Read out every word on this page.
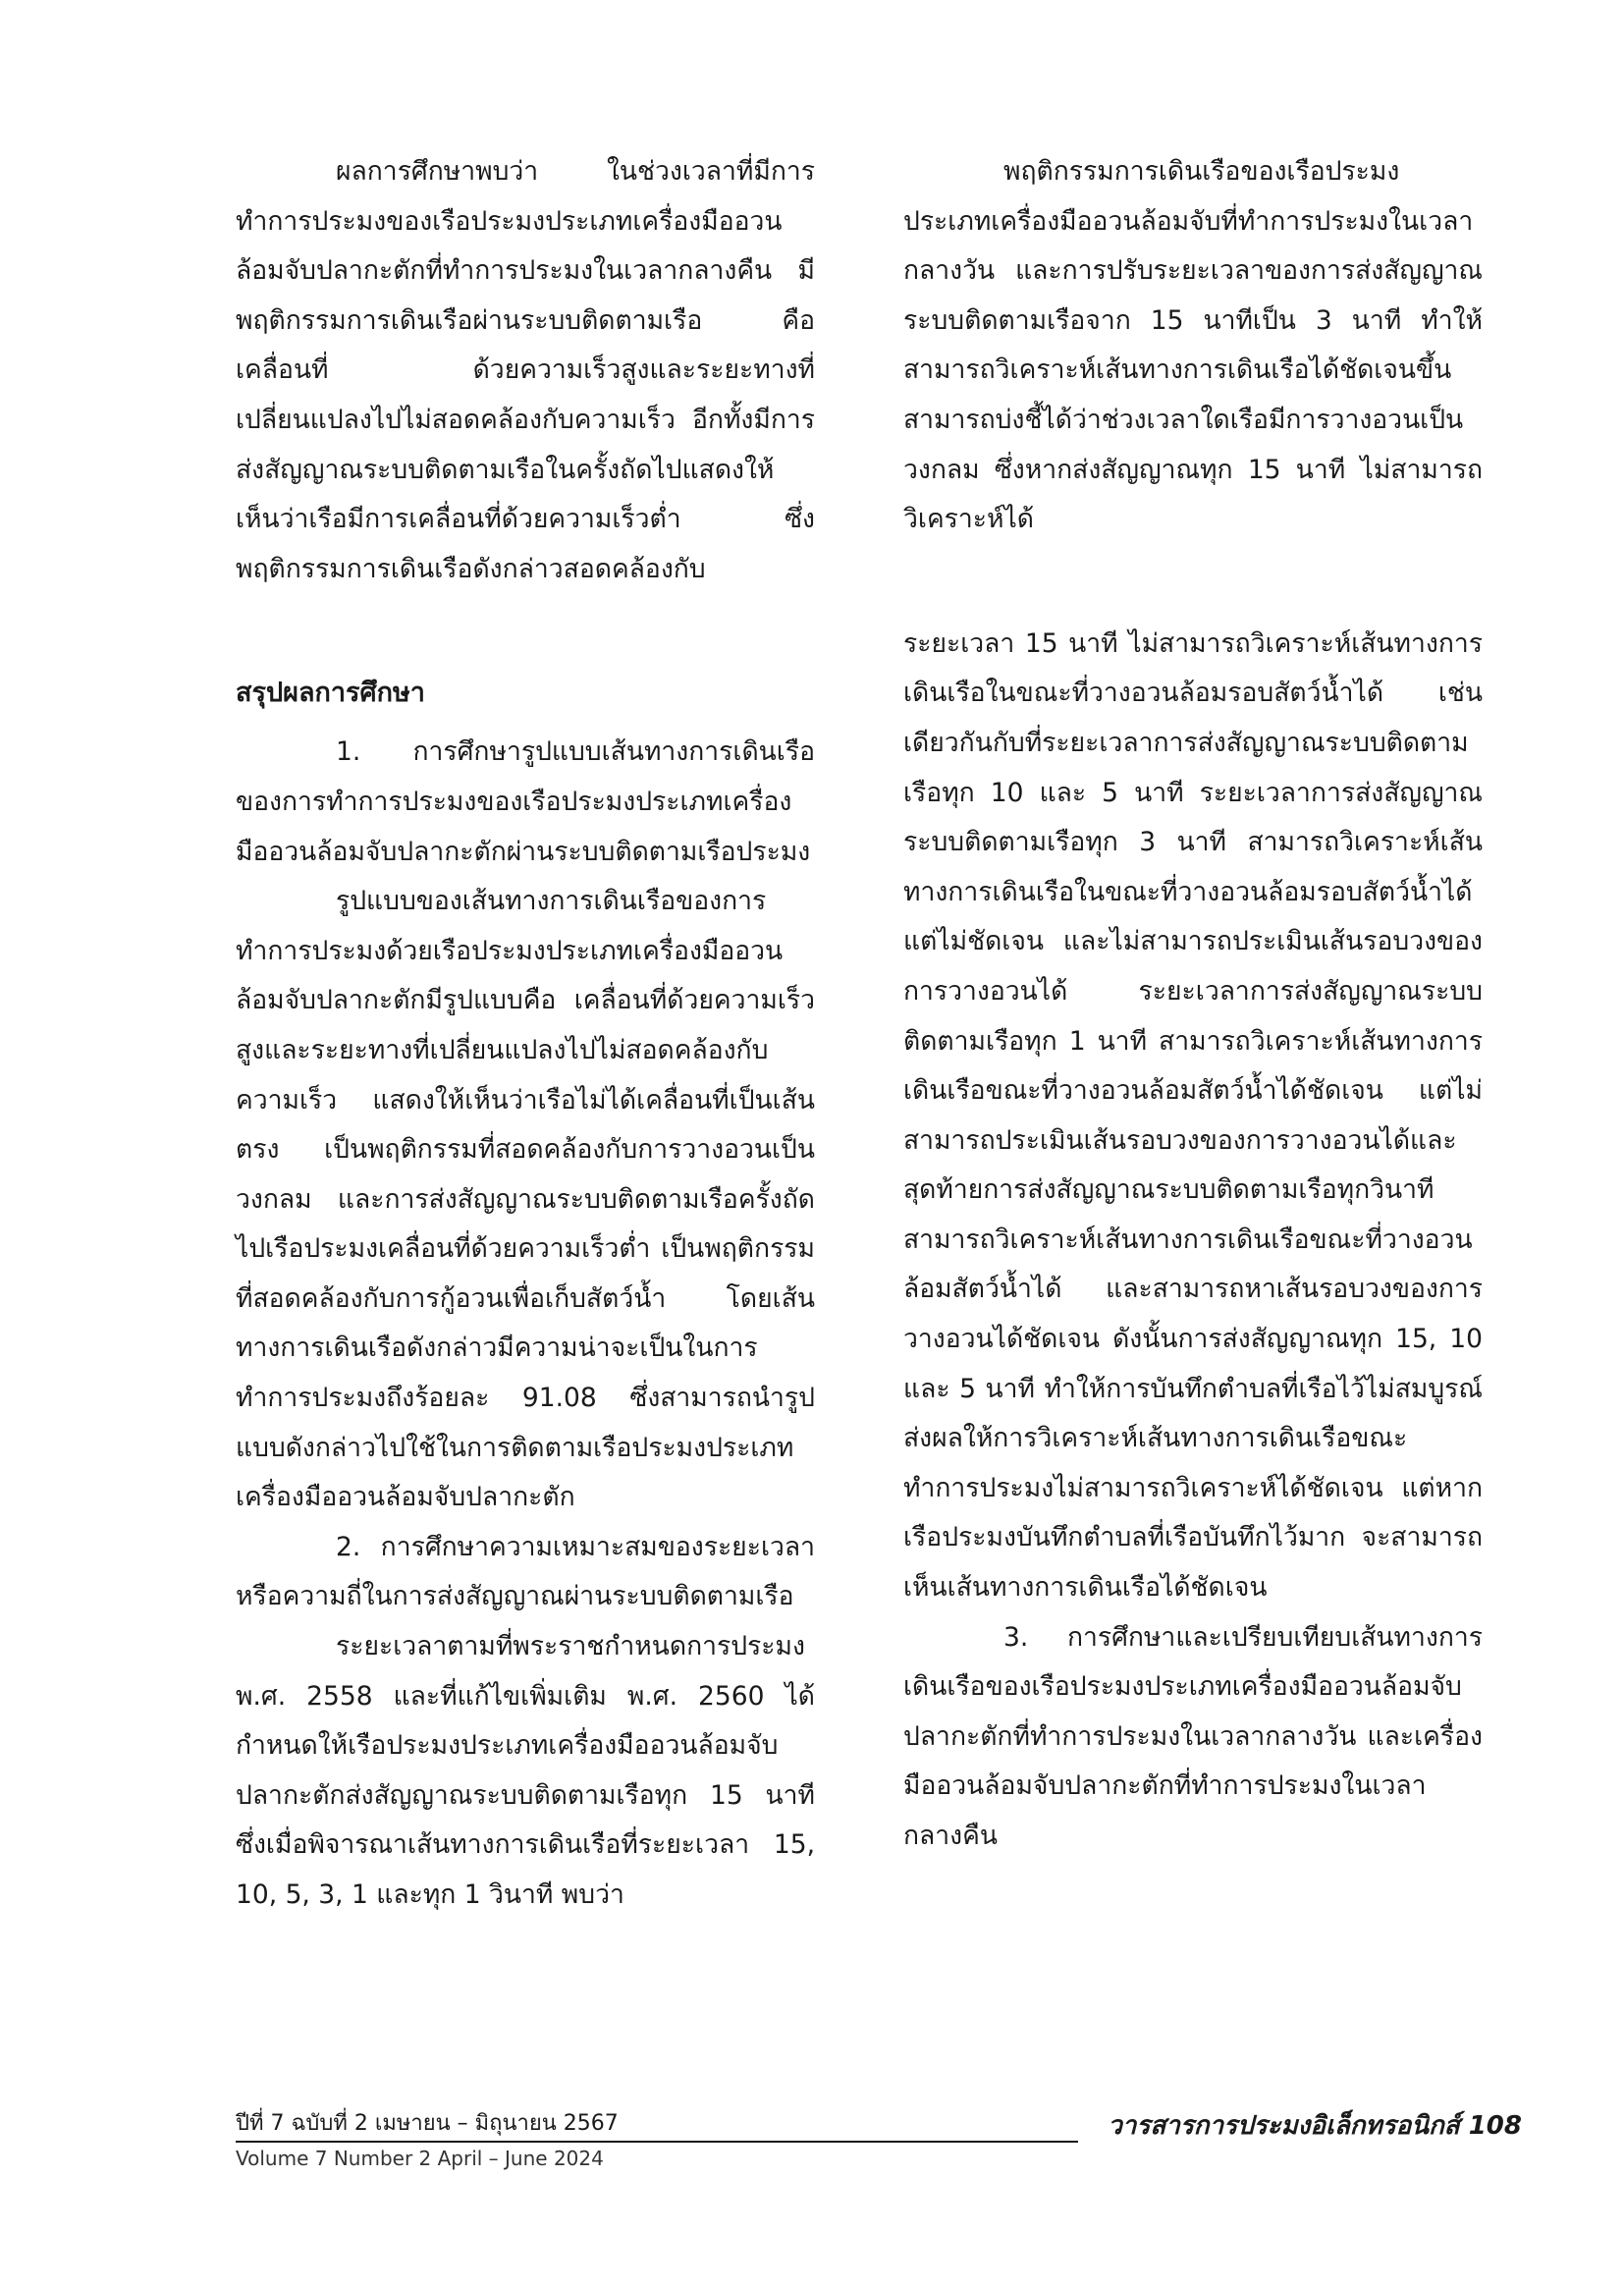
ผลการศึกษาพบว่า ในช่วงเวลาที่มีการทำการประมงของเรือประมงประเภทเครื่องมืออวนล้อมจับปลากะตักที่ทำการประมงในเวลากลางคืน มีพฤติกรรมการเดินเรือผ่านระบบติดตามเรือ คือ เคลื่อนที่ ด้วยความเร็วสูงและระยะทางที่เปลี่ยนแปลงไปไม่สอดคล้องกับความเร็ว อีกทั้งมีการส่งสัญญาณระบบติดตามเรือในครั้งถัดไปแสดงให้เห็นว่าเรือมีการเคลื่อนที่ด้วยความเร็วต่ำ ซึ่งพฤติกรรมการเดินเรือดังกล่าวสอดคล้องกับ

สรุปผลการศึกษา

1. การศึกษารูปแบบเส้นทางการเดินเรือของการทำการประมงของเรือประมงประเภทเครื่องมืออวนล้อมจับปลากะตักผ่านระบบติดตามเรือประมง

รูปแบบของเส้นทางการเดินเรือของการทำการประมงด้วยเรือประมงประเภทเครื่องมืออวนล้อมจับปลากะตักมีรูปแบบคือ เคลื่อนที่ด้วยความเร็วสูงและระยะทางที่เปลี่ยนแปลงไปไม่สอดคล้องกับความเร็ว แสดงให้เห็นว่าเรือไม่ได้เคลื่อนที่เป็นเส้นตรง เป็นพฤติกรรมที่สอดคล้องกับการวางอวนเป็นวงกลม และการส่งสัญญาณระบบติดตามเรือครั้งถัดไปเรือประมงเคลื่อนที่ด้วยความเร็วต่ำ เป็นพฤติกรรมที่สอดคล้องกับการกู้อวนเพื่อเก็บสัตว์น้ำ โดยเส้นทางการเดินเรือดังกล่าวมีความน่าจะเป็นในการทำการประมงถึงร้อยละ 91.08 ซึ่งสามารถนำรูปแบบดังกล่าวไปใช้ในการติดตามเรือประมงประเภทเครื่องมืออวนล้อมจับปลากะตัก

2. การศึกษาความเหมาะสมของระยะเวลาหรือความถี่ในการส่งสัญญาณผ่านระบบติดตามเรือ

ระยะเวลาตามที่พระราชกำหนดการประมง พ.ศ. 2558 และที่แก้ไขเพิ่มเติม พ.ศ. 2560 ได้กำหนดให้เรือประมงประเภทเครื่องมืออวนล้อมจับปลากะตักส่งสัญญาณระบบติดตามเรือทุก 15 นาที ซึ่งเมื่อพิจารณาเส้นทางการเดินเรือที่ระยะเวลา 15, 10, 5, 3, 1 และทุก 1 วินาที พบว่า

พฤติกรรมการเดินเรือของเรือประมงประเภทเครื่องมืออวนล้อมจับที่ทำการประมงในเวลากลางวัน และการปรับระยะเวลาของการส่งสัญญาณระบบติดตามเรือจาก 15 นาทีเป็น 3 นาที ทำให้สามารถวิเคราะห์เส้นทางการเดินเรือได้ชัดเจนขึ้น สามารถบ่งชี้ได้ว่าช่วงเวลาใดเรือมีการวางอวนเป็นวงกลม ซึ่งหากส่งสัญญาณทุก 15 นาที ไม่สามารถวิเคราะห์ได้

ระยะเวลา 15 นาที ไม่สามารถวิเคราะห์เส้นทางการเดินเรือในขณะที่วางอวนล้อมรอบสัตว์น้ำได้ เช่นเดียวกันกับที่ระยะเวลาการส่งสัญญาณระบบติดตามเรือทุก 10 และ 5 นาที ระยะเวลาการส่งสัญญาณระบบติดตามเรือทุก 3 นาที สามารถวิเคราะห์เส้นทางการเดินเรือในขณะที่วางอวนล้อมรอบสัตว์น้ำได้แต่ไม่ชัดเจน และไม่สามารถประเมินเส้นรอบวงของการวางอวนได้ ระยะเวลาการส่งสัญญาณระบบติดตามเรือทุก 1 นาที สามารถวิเคราะห์เส้นทางการเดินเรือขณะที่วางอวนล้อมสัตว์น้ำได้ชัดเจน แต่ไม่สามารถประเมินเส้นรอบวงของการวางอวนได้และสุดท้ายการส่งสัญญาณระบบติดตามเรือทุกวินาทีสามารถวิเคราะห์เส้นทางการเดินเรือขณะที่วางอวนล้อมสัตว์น้ำได้ และสามารถหาเส้นรอบวงของการวางอวนได้ชัดเจน ดังนั้นการส่งสัญญาณทุก 15, 10 และ 5 นาที ทำให้การบันทึกตำบลที่เรือไว้ไม่สมบูรณ์ ส่งผลให้การวิเคราะห์เส้นทางการเดินเรือขณะทำการประมงไม่สามารถวิเคราะห์ได้ชัดเจน แต่หากเรือประมงบันทึกตำบลที่เรือบันทึกไว้มาก จะสามารถเห็นเส้นทางการเดินเรือได้ชัดเจน

3. การศึกษาและเปรียบเทียบเส้นทางการเดินเรือของเรือประมงประเภทเครื่องมืออวนล้อมจับปลากะตักที่ทำการประมงในเวลากลางวัน และเครื่องมืออวนล้อมจับปลากะตักที่ทำการประมงในเวลากลางคืน

ปีที่ 7 ฉบับที่ 2 เมษายน – มิถุนายน 2567
Volume 7 Number 2 April – June 2024
วารสารการประมงอิเล็กทรอนิกส์ 108
